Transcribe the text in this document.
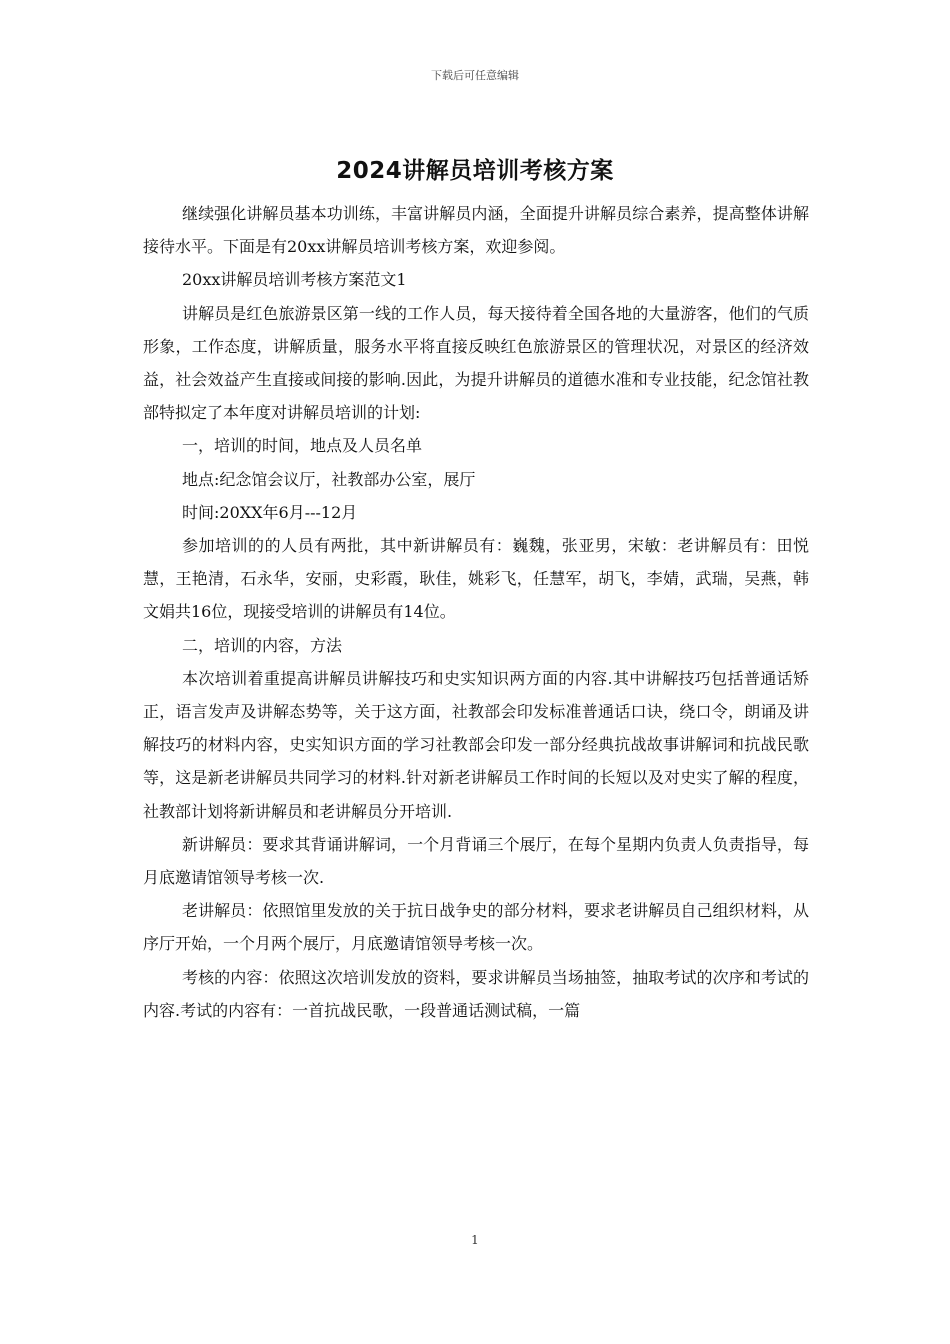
下载后可任意编辑
2024讲解员培训考核方案

继续强化讲解员基本功训练，丰富讲解员内涵，全面提升讲解员综合素养，提高整体讲解接待水平。下面是有20xx讲解员培训考核方案，欢迎参阅。

20xx讲解员培训考核方案范文1

讲解员是红色旅游景区第一线的工作人员，每天接待着全国各地的大量游客，他们的气质形象，工作态度，讲解质量，服务水平将直接反映红色旅游景区的管理状况，对景区的经济效益，社会效益产生直接或间接的影响.因此，为提升讲解员的道德水准和专业技能，纪念馆社教部特拟定了本年度对讲解员培训的计划:

一，培训的时间，地点及人员名单

地点:纪念馆会议厅，社教部办公室，展厅

时间:20XX年6月---12月

参加培训的的人员有两批，其中新讲解员有：巍魏，张亚男，宋敏：老讲解员有：田悦慧，王艳清，石永华，安丽，史彩霞，耿佳，姚彩飞，任慧军，胡飞，李婧，武瑞，吴燕，韩文娟共16位，现接受培训的讲解员有14位。

二，培训的内容，方法

本次培训着重提高讲解员讲解技巧和史实知识两方面的内容.其中讲解技巧包括普通话矫正，语言发声及讲解态势等，关于这方面，社教部会印发标准普通话口诀，绕口令，朗诵及讲解技巧的材料内容，史实知识方面的学习社教部会印发一部分经典抗战故事讲解词和抗战民歌等，这是新老讲解员共同学习的材料.针对新老讲解员工作时间的长短以及对史实了解的程度，社教部计划将新讲解员和老讲解员分开培训.

新讲解员：要求其背诵讲解词，一个月背诵三个展厅，在每个星期内负责人负责指导，每月底邀请馆领导考核一次.

老讲解员：依照馆里发放的关于抗日战争史的部分材料，要求老讲解员自己组织材料，从序厅开始，一个月两个展厅，月底邀请馆领导考核一次。

考核的内容：依照这次培训发放的资料，要求讲解员当场抽签，抽取考试的次序和考试的内容.考试的内容有：一首抗战民歌，一段普通话测试稿，一篇

1
